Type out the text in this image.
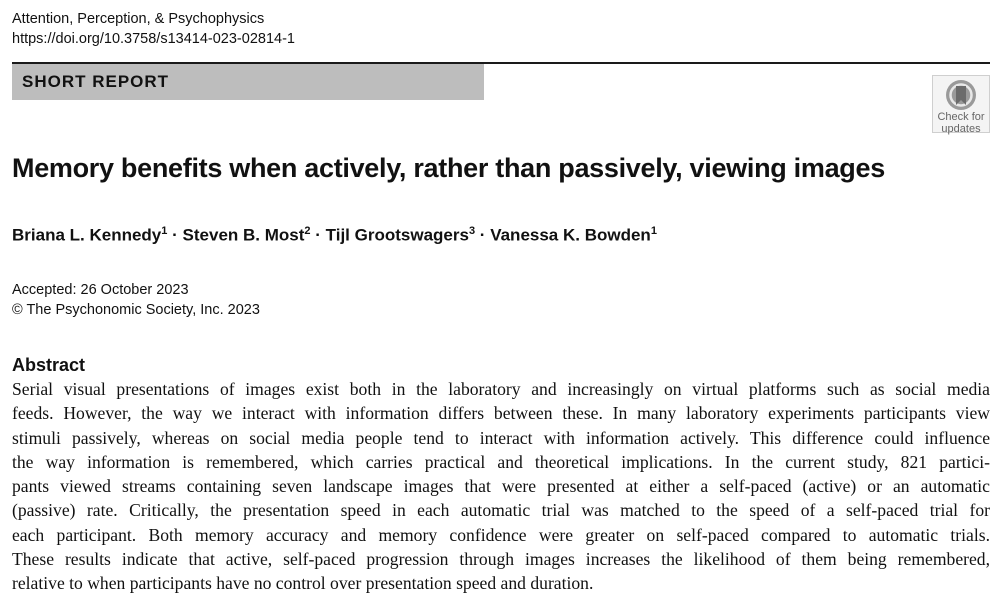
Attention, Perception, & Psychophysics
https://doi.org/10.3758/s13414-023-02814-1
SHORT REPORT
Check for
updates
Memory benefits when actively, rather than passively, viewing images
Briana L. Kennedy$^1$ · Steven B. Most$^2$ · Tijl Grootswagers$^3$ · Vanessa K. Bowden$^1$
Accepted: 26 October 2023
© The Psychonomic Society, Inc. 2023
Abstract
Serial visual presentations of images exist both in the laboratory and increasingly on virtual platforms such as social media
feeds. However, the way we interact with information differs between these. In many laboratory experiments participants view
stimuli passively, whereas on social media people tend to interact with information actively. This difference could influence
the way information is remembered, which carries practical and theoretical implications. In the current study, 821 partici-
pants viewed streams containing seven landscape images that were presented at either a self-paced (active) or an automatic
(passive) rate. Critically, the presentation speed in each automatic trial was matched to the speed of a self-paced trial for
each participant. Both memory accuracy and memory confidence were greater on self-paced compared to automatic trials.
These results indicate that active, self-paced progression through images increases the likelihood of them being remembered,
relative to when participants have no control over presentation speed and duration.
